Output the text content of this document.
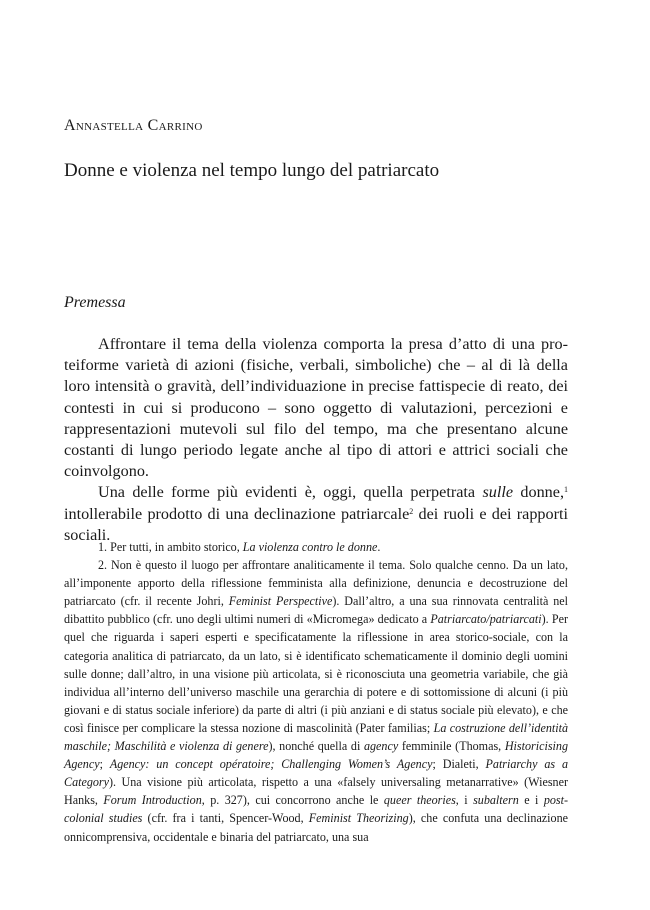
Annastella Carrino
Donne e violenza nel tempo lungo del patriarcato
Premessa

Affrontare il tema della violenza comporta la presa d’atto di una proteiforme varietà di azioni (fisiche, verbali, simboliche) che – al di là della loro intensità o gravità, dell’individuazione in precise fattispecie di reato, dei contesti in cui si producono – sono oggetto di valutazioni, percezioni e rappresentazioni mutevoli sul filo del tempo, ma che presentano alcune costanti di lungo periodo legate anche al tipo di attori e attrici sociali che coinvolgono.

Una delle forme più evidenti è, oggi, quella perpetrata sulle donne,$^1$ intollerabile prodotto di una declinazione patriarcale$^2$ dei ruoli e dei rapporti sociali.

1. Per tutti, in ambito storico, La violenza contro le donne.

2. Non è questo il luogo per affrontare analiticamente il tema. Solo qualche cenno. Da un lato, all’imponente apporto della riflessione femminista alla definizione, denuncia e decostruzione del patriarcato (cfr. il recente Johri, Feminist Perspective). Dall’altro, a una sua rinnovata centralità nel dibattito pubblico (cfr. uno degli ultimi numeri di «Micromega» dedicato a Patriarcato/patriarcati). Per quel che riguarda i saperi esperti e specificatamente la riflessione in area storico-sociale, con la categoria analitica di patriarcato, da un lato, si è identificato schematicamente il dominio degli uomini sulle donne; dall’altro, in una visione più articolata, si è riconosciuta una geometria variabile, che già individua all’interno dell’universo maschile una gerarchia di potere e di sottomissione di alcuni (i più giovani e di status sociale inferiore) da parte di altri (i più anziani e di status sociale più elevato), e che così finisce per complicare la stessa nozione di mascolinità (Pater familias; La costruzione dell’identità maschile; Maschilità e violenza di genere), nonché quella di agency femminile (Thomas, Historicising Agency; Agency: un concept opératoire; Challenging Women’s Agency; Dialeti, Patriarchy as a Category). Una visione più articolata, rispetto a una «falsely universaling metanarrative» (Wiesner Hanks, Forum Introduction, p. 327), cui concorrono anche le queer theories, i subaltern e i post-colonial studies (cfr. fra i tanti, Spencer-Wood, Feminist Theorizing), che confuta una declinazione onnicomprensiva, occidentale e binaria del patriarcato, una sua
